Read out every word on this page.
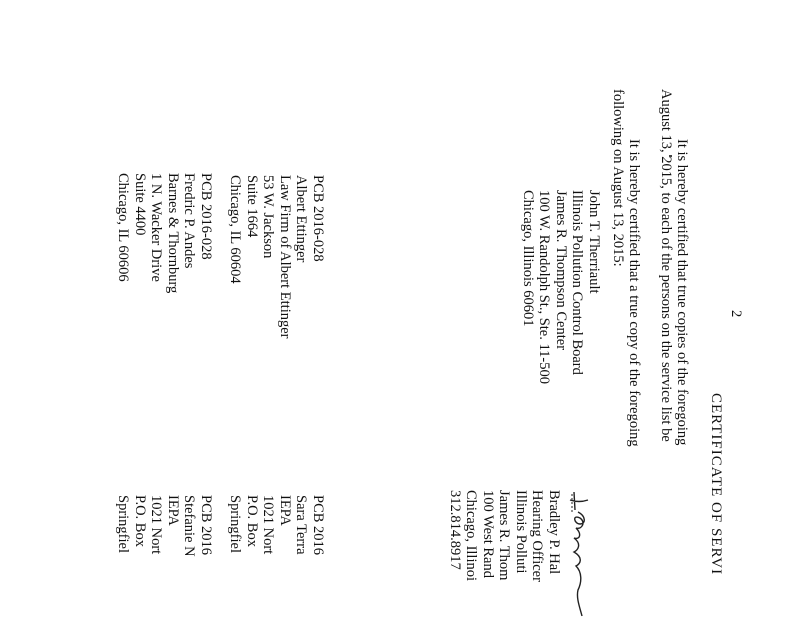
2
CERTIFICATE OF SERVI
It is hereby certified that true copies of the foregoing
August 13, 2015, to each of the persons on the service list be
It is hereby certified that a true copy of the foregoing
following on August 13, 2015:
John T. Therriault
Illinois Pollution Control Board
James R. Thompson Center
100 W. Randolph St., Ste. 11-500
Chicago, Illinois 60601
Bradley P. Hal
Hearing Officer
Illinois Polluti
James R. Thom
100 West Rand
Chicago, Illinoi
312.814.8917
PCB 2016-028
Albert Ettinger
Law Firm of Albert Ettinger
53 W. Jackson
Suite 1664
Chicago, IL 60604
PCB 2016
Sara Terra
IEPA
1021 Nort
P.O. Box
Springfiel
PCB 2016-028
Fredric P. Andes
Barnes & Thornburg
1 N. Wacker Drive
Suite 4400
Chicago, IL 60606
PCB 2016
Stefanie N
IEPA
1021 Nort
P.O. Box
Springfiel
